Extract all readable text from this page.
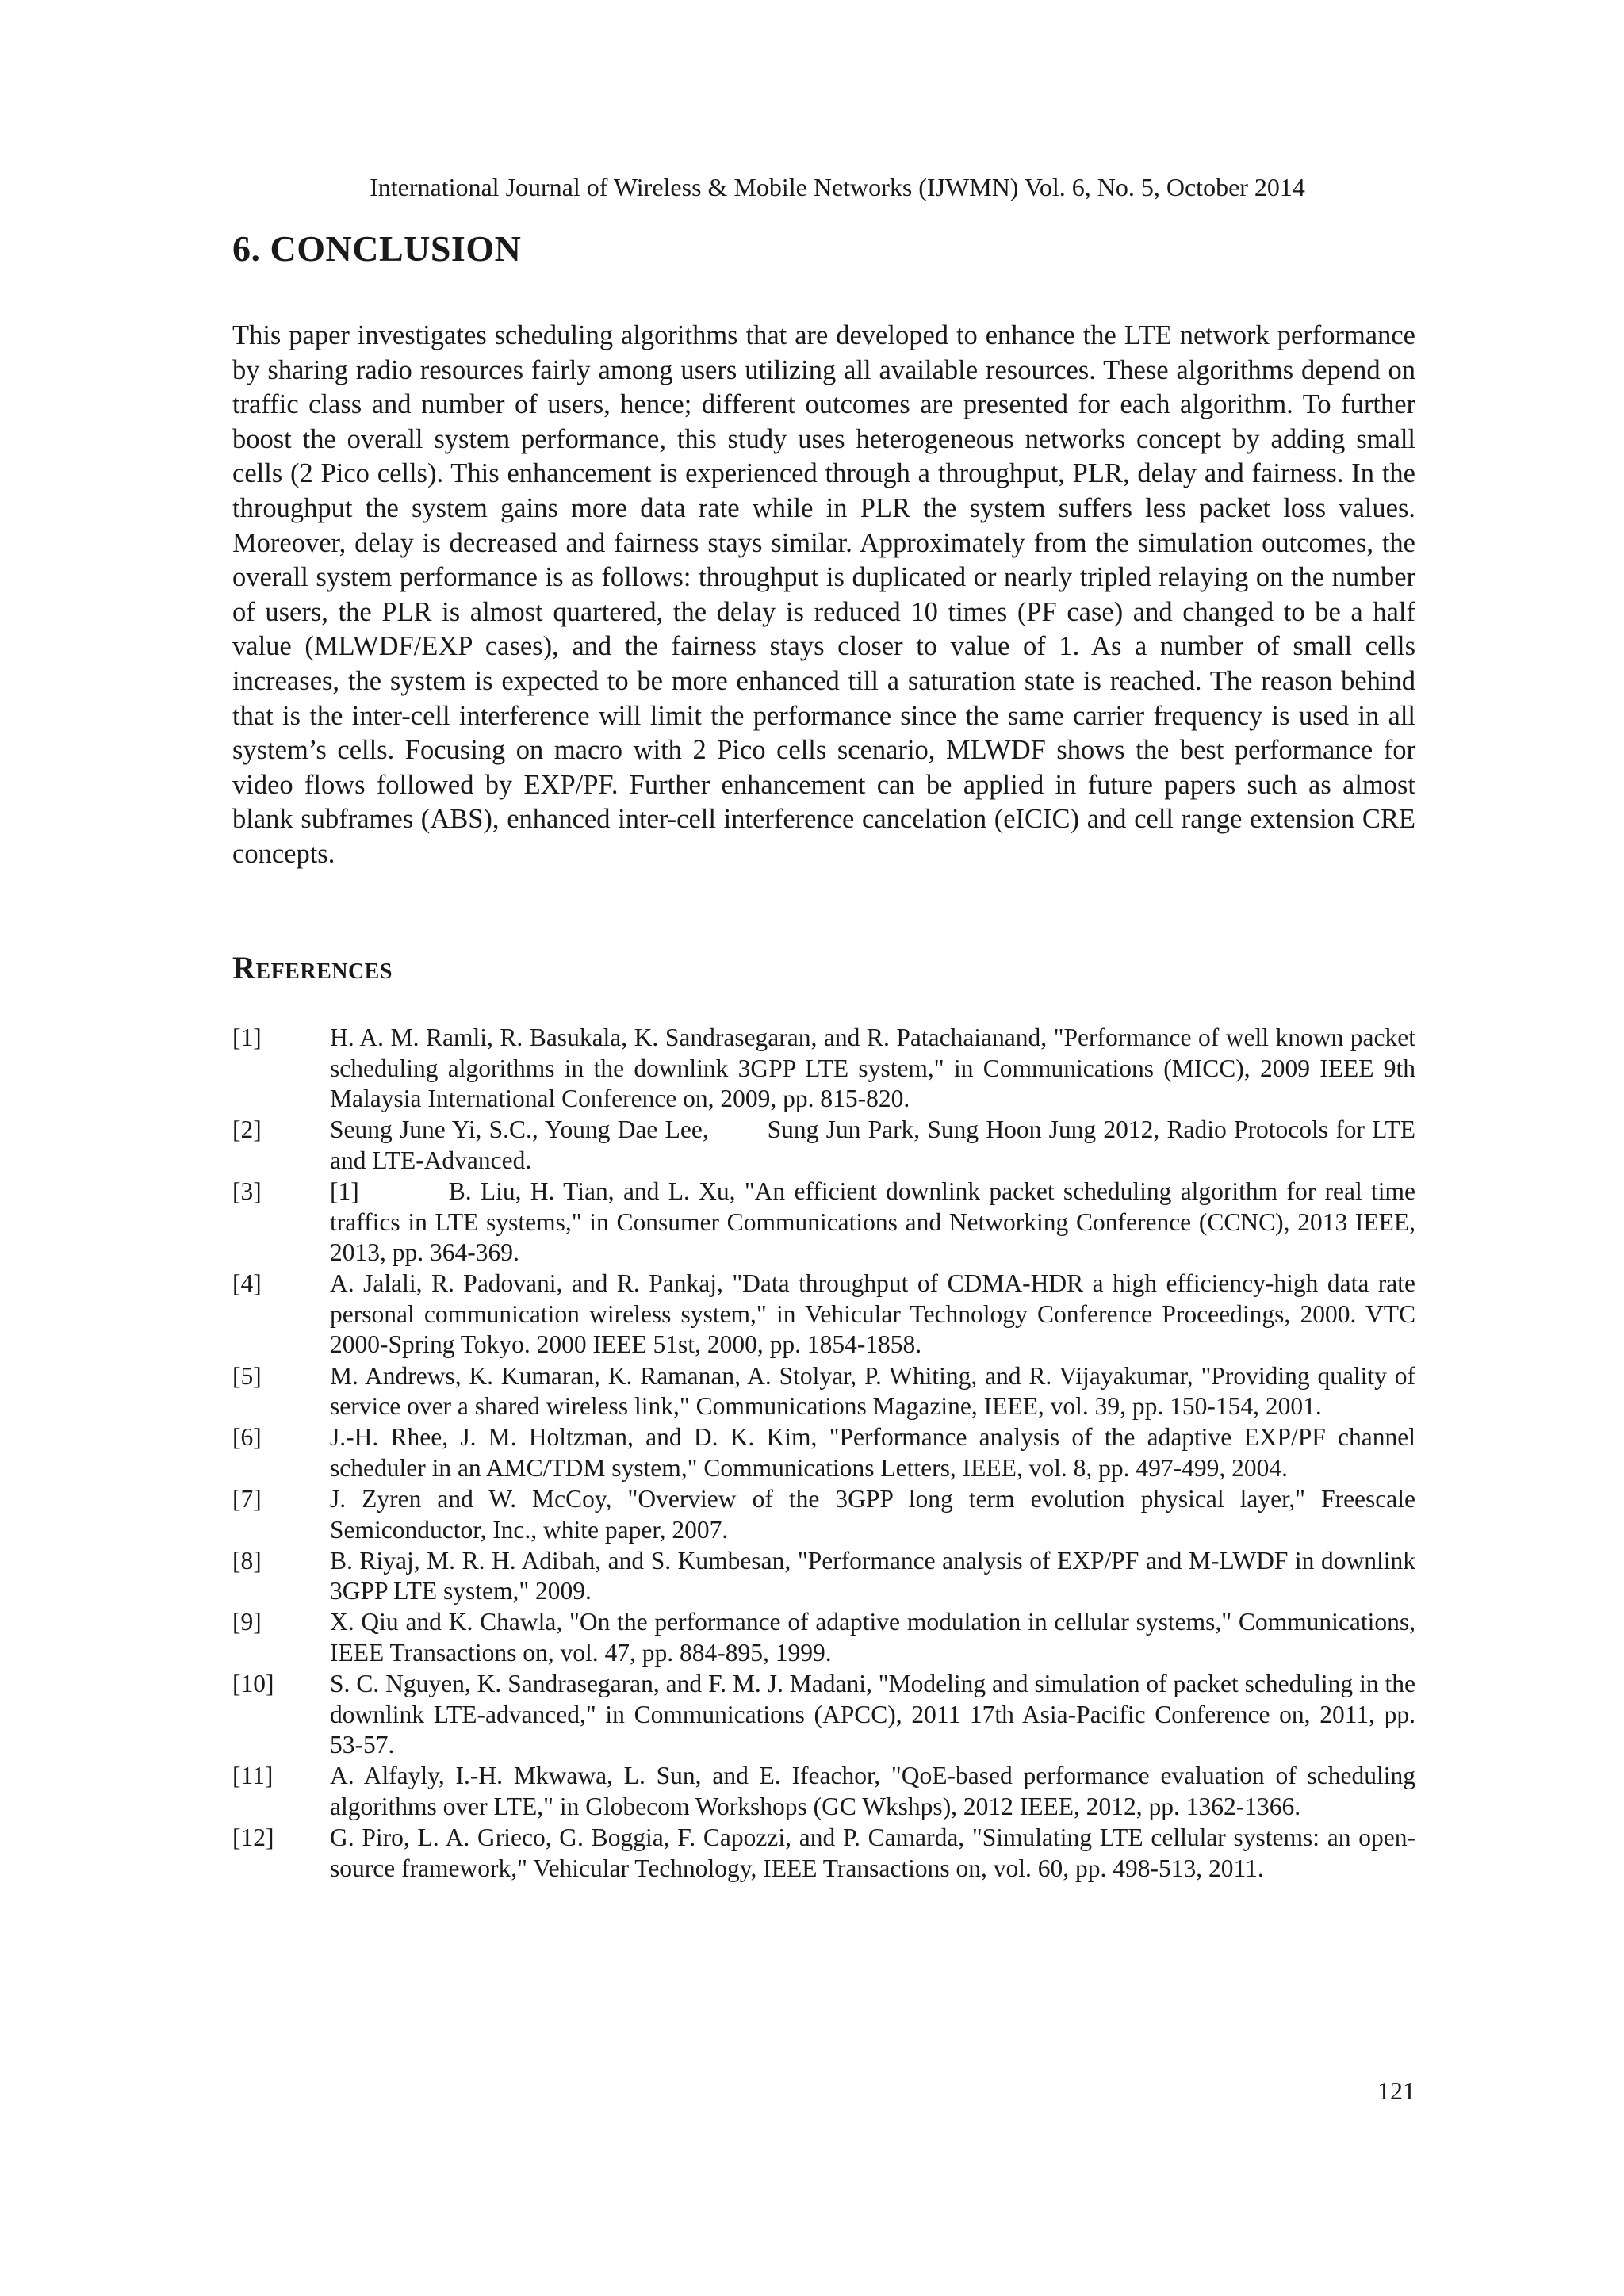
International Journal of Wireless & Mobile Networks (IJWMN) Vol. 6, No. 5, October 2014
6. CONCLUSION

This paper investigates scheduling algorithms that are developed to enhance the LTE network performance by sharing radio resources fairly among users utilizing all available resources. These algorithms depend on traffic class and number of users, hence; different outcomes are presented for each algorithm. To further boost the overall system performance, this study uses heterogeneous networks concept by adding small cells (2 Pico cells). This enhancement is experienced through a throughput, PLR, delay and fairness. In the throughput the system gains more data rate while in PLR the system suffers less packet loss values. Moreover, delay is decreased and fairness stays similar. Approximately from the simulation outcomes, the overall system performance is as follows: throughput is duplicated or nearly tripled relaying on the number of users, the PLR is almost quartered, the delay is reduced 10 times (PF case) and changed to be a half value (MLWDF/EXP cases), and the fairness stays closer to value of 1. As a number of small cells increases, the system is expected to be more enhanced till a saturation state is reached. The reason behind that is the inter-cell interference will limit the performance since the same carrier frequency is used in all system’s cells. Focusing on macro with 2 Pico cells scenario, MLWDF shows the best performance for video flows followed by EXP/PF. Further enhancement can be applied in future papers such as almost blank subframes (ABS), enhanced inter-cell interference cancelation (eICIC) and cell range extension CRE concepts.

References
[1]	H. A. M. Ramli, R. Basukala, K. Sandrasegaran, and R. Patachaianand, "Performance of well known packet scheduling algorithms in the downlink 3GPP LTE system," in Communications (MICC), 2009 IEEE 9th Malaysia International Conference on, 2009, pp. 815-820.
[2]	Seung June Yi, S.C., Young Dae Lee,        Sung Jun Park, Sung Hoon Jung 2012, Radio Protocols for LTE and LTE-Advanced.
[3]	[1]          B. Liu, H. Tian, and L. Xu, "An efficient downlink packet scheduling algorithm for real time traffics in LTE systems," in Consumer Communications and Networking Conference (CCNC), 2013 IEEE, 2013, pp. 364-369.
[4]	A. Jalali, R. Padovani, and R. Pankaj, "Data throughput of CDMA-HDR a high efficiency-high data rate personal communication wireless system," in Vehicular Technology Conference Proceedings, 2000. VTC 2000-Spring Tokyo. 2000 IEEE 51st, 2000, pp. 1854-1858.
[5]	M. Andrews, K. Kumaran, K. Ramanan, A. Stolyar, P. Whiting, and R. Vijayakumar, "Providing quality of service over a shared wireless link," Communications Magazine, IEEE, vol. 39, pp. 150-154, 2001.
[6]	J.-H. Rhee, J. M. Holtzman, and D. K. Kim, "Performance analysis of the adaptive EXP/PF channel scheduler in an AMC/TDM system," Communications Letters, IEEE, vol. 8, pp. 497-499, 2004.
[7]	J. Zyren and W. McCoy, "Overview of the 3GPP long term evolution physical layer," Freescale Semiconductor, Inc., white paper, 2007.
[8]	B. Riyaj, M. R. H. Adibah, and S. Kumbesan, "Performance analysis of EXP/PF and M-LWDF in downlink 3GPP LTE system," 2009.
[9]	X. Qiu and K. Chawla, "On the performance of adaptive modulation in cellular systems," Communications, IEEE Transactions on, vol. 47, pp. 884-895, 1999.
[10]	S. C. Nguyen, K. Sandrasegaran, and F. M. J. Madani, "Modeling and simulation of packet scheduling in the downlink LTE-advanced," in Communications (APCC), 2011 17th Asia-Pacific Conference on, 2011, pp. 53-57.
[11]	A. Alfayly, I.-H. Mkwawa, L. Sun, and E. Ifeachor, "QoE-based performance evaluation of scheduling algorithms over LTE," in Globecom Workshops (GC Wkshps), 2012 IEEE, 2012, pp. 1362-1366.
[12]	G. Piro, L. A. Grieco, G. Boggia, F. Capozzi, and P. Camarda, "Simulating LTE cellular systems: an open-source framework," Vehicular Technology, IEEE Transactions on, vol. 60, pp. 498-513, 2011.
121
